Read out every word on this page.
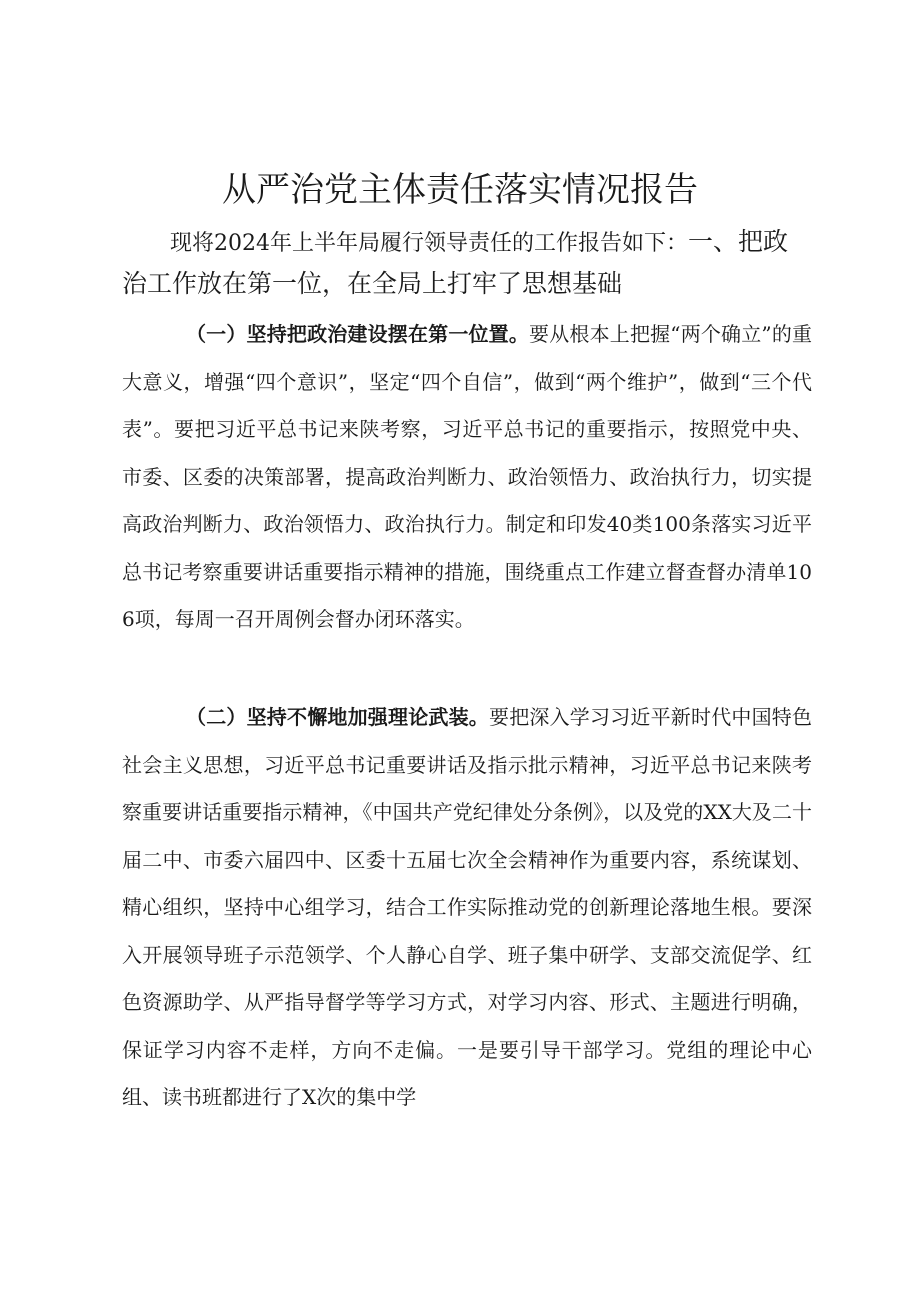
从严治党主体责任落实情况报告

现将2024年上半年局履行领导责任的工作报告如下：一、把政治工作放在第一位，在全局上打牢了思想基础

（一）坚持把政治建设摆在第一位置。要从根本上把握“两个确立”的重大意义，增强“四个意识”，坚定“四个自信”，做到“两个维护”，做到“三个代表”。要把习近平总书记来陕考察，习近平总书记的重要指示，按照党中央、市委、区委的决策部署，提高政治判断力、政治领悟力、政治执行力，切实提高政治判断力、政治领悟力、政治执行力。制定和印发40类100条落实习近平总书记考察重要讲话重要指示精神的措施，围绕重点工作建立督查督办清单106项，每周一召开周例会督办闭环落实。

（二）坚持不懈地加强理论武装。要把深入学习习近平新时代中国特色社会主义思想，习近平总书记重要讲话及指示批示精神，习近平总书记来陕考察重要讲话重要指示精神，《中国共产党纪律处分条例》，以及党的XX大及二十届二中、市委六届四中、区委十五届七次全会精神作为重要内容，系统谋划、精心组织，坚持中心组学习，结合工作实际推动党的创新理论落地生根。要深入开展领导班子示范领学、个人静心自学、班子集中研学、支部交流促学、红色资源助学、从严指导督学等学习方式，对学习内容、形式、主题进行明确，保证学习内容不走样，方向不走偏。一是要引导干部学习。党组的理论中心组、读书班都进行了X次的集中学
